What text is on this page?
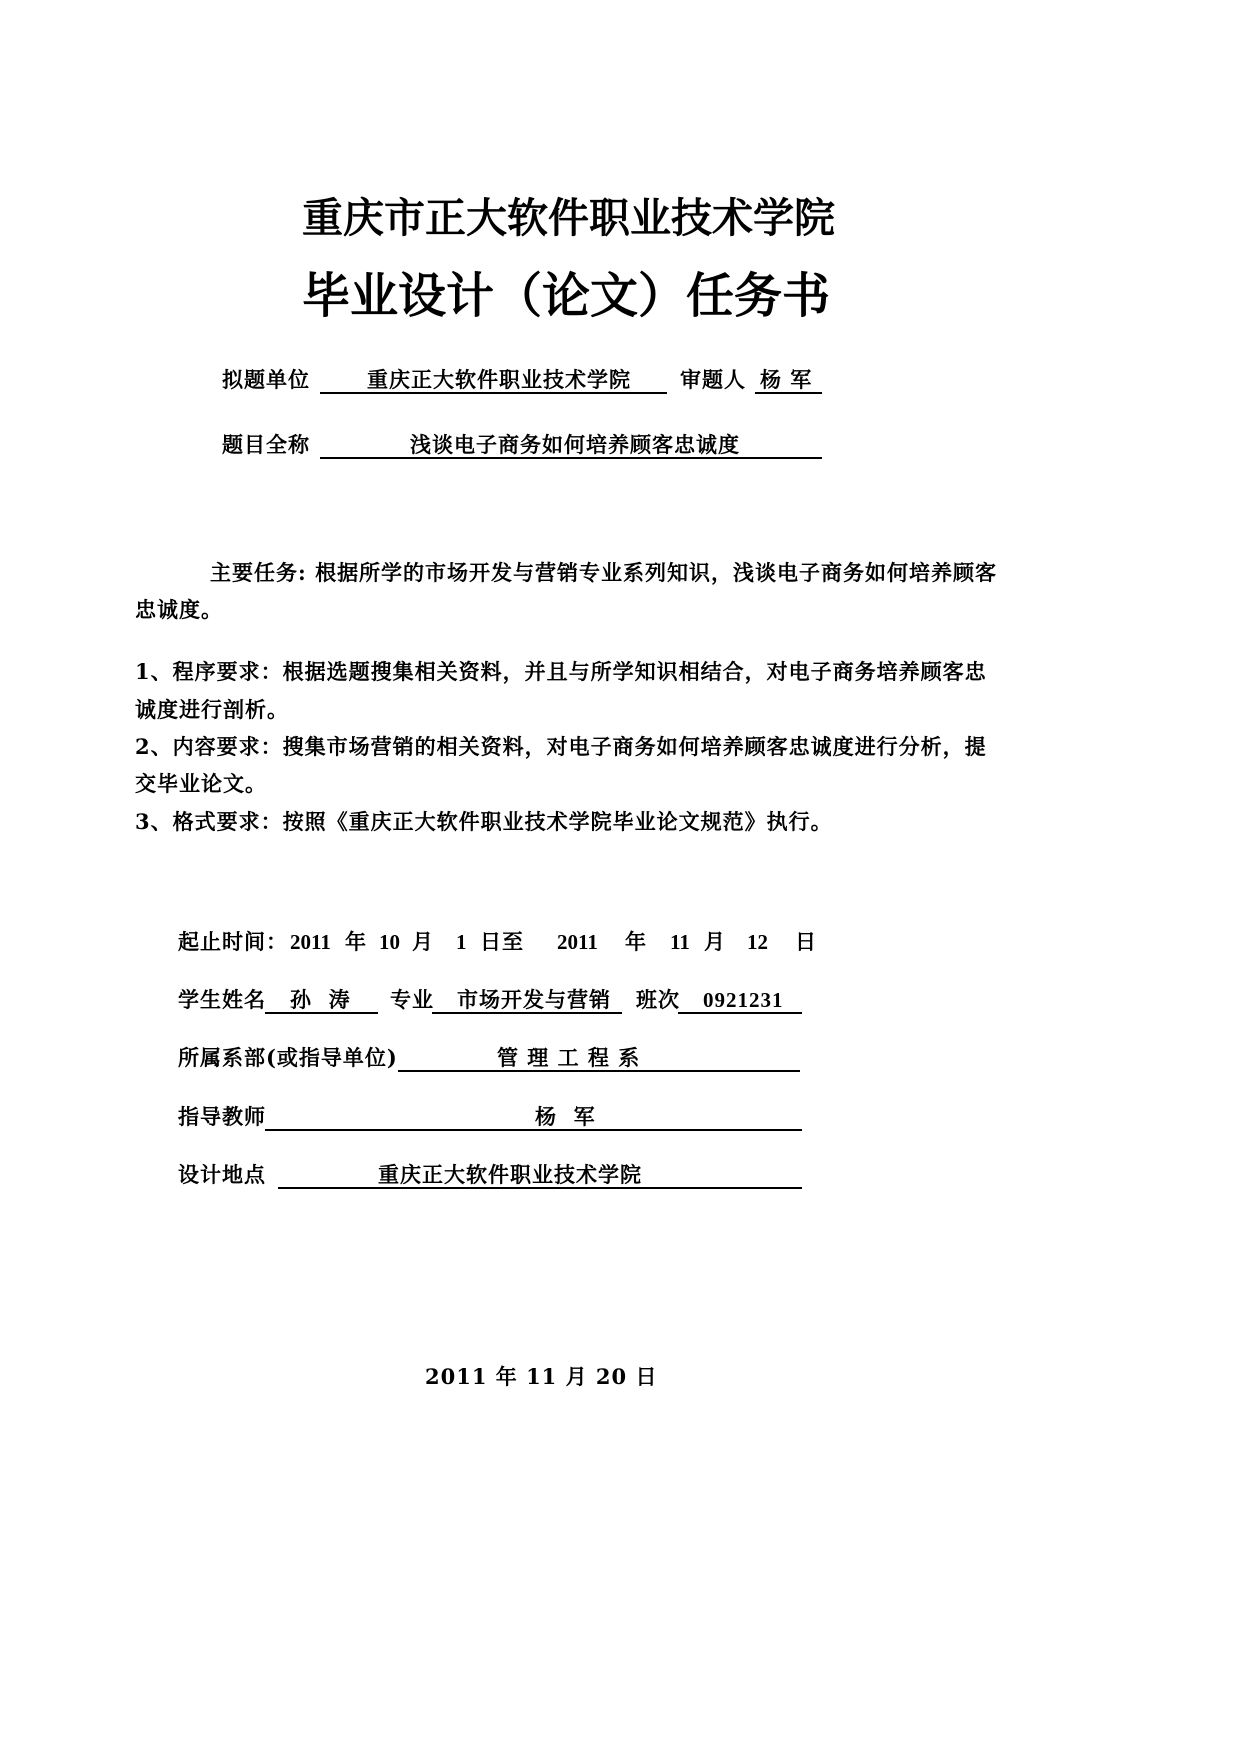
重庆市正大软件职业技术学院
毕业设计（论文）任务书
拟题单位	重庆正大软件职业技术学院 审题人 杨 军
题目全称	浅谈电子商务如何培养顾客忠诚度
主要任务: 根据所学的市场开发与营销专业系列知识，浅谈电子商务如何培养顾客
忠诚度。
1、程序要求：根据选题搜集相关资料，并且与所学知识相结合，对电子商务培养顾客忠
诚度进行剖析。
2、内容要求：搜集市场营销的相关资料，对电子商务如何培养顾客忠诚度进行分析，提
交毕业论文。
3、格式要求：按照《重庆正大软件职业技术学院毕业论文规范》执行。
起止时间： 2011 年 10 月 1 日至 2011 年 11 月 12 日
学生姓名 孙  涛 专业 市场开发与营销 班次 0921231
所属系部(或指导单位)	管 理 工 程 系
指导教师	杨  军
设计地点	重庆正大软件职业技术学院
2011 年 11 月 20 日
